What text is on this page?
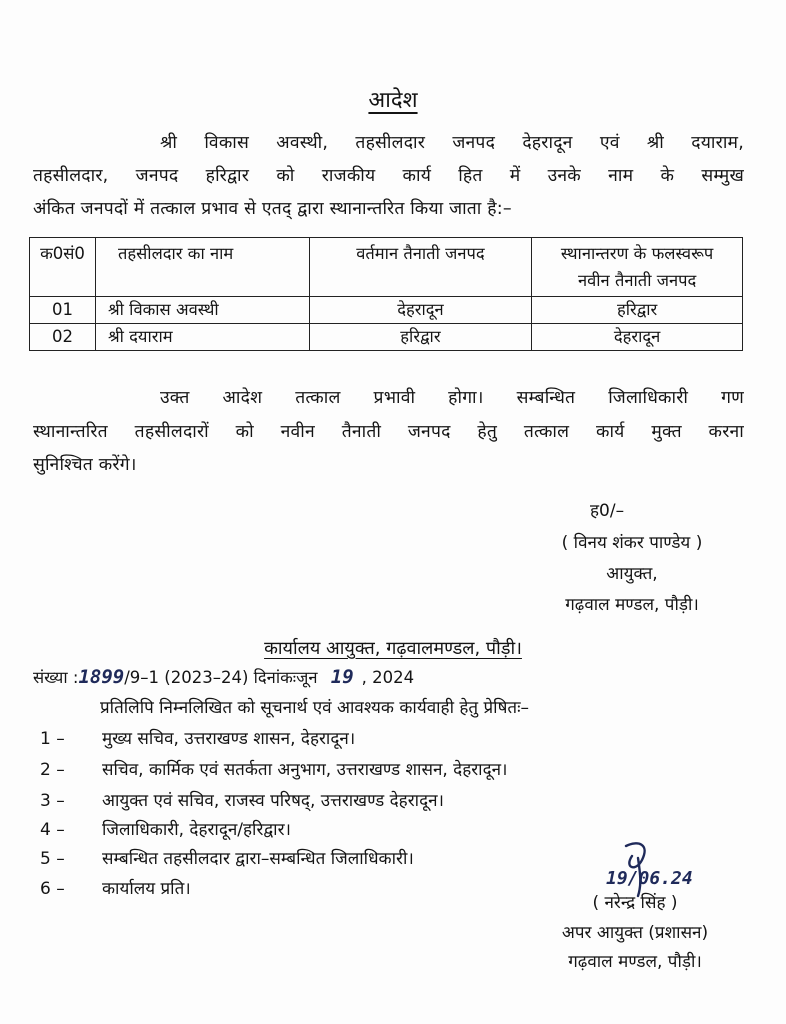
आदेश
श्री विकास अवस्थी, तहसीलदार जनपद देहरादून एवं श्री दयाराम,
तहसीलदार, जनपद हरिद्वार को राजकीय कार्य हित में उनके नाम के सम्मुख
अंकित जनपदों में तत्काल प्रभाव से एतद् द्वारा स्थानान्तरित किया जाता है:–
क0सं0	तहसीलदार का नाम	वर्तमान तैनाती जनपद	स्थानान्तरण के फलस्वरूप नवीन तैनाती जनपद
01	श्री विकास अवस्थी	देहरादून	हरिद्वार
02	श्री दयाराम	हरिद्वार	देहरादून
उक्त आदेश तत्काल प्रभावी होगा। सम्बन्धित जिलाधिकारी गण
स्थानान्तरित तहसीलदारों को नवीन तैनाती जनपद हेतु तत्काल कार्य मुक्त करना
सुनिश्चित करेंगे।
ह0/–
( विनय शंकर पाण्डेय )
आयुक्त,
गढ़वाल मण्डल, पौड़ी।
कार्यालय आयुक्त, गढ़वालमण्डल, पौड़ी।
संख्या :1899/9–1 (2023–24) दिनांकःजून 19 , 2024
प्रतिलिपि निम्नलिखित को सूचनार्थ एवं आवश्यक कार्यवाही हेतु प्रेषितः–
1 – मुख्य सचिव, उत्तराखण्ड शासन, देहरादून।
2 – सचिव, कार्मिक एवं सतर्कता अनुभाग, उत्तराखण्ड शासन, देहरादून।
3 – आयुक्त एवं सचिव, राजस्व परिषद्, उत्तराखण्ड देहरादून।
4 – जिलाधिकारी, देहरादून/हरिद्वार।
5 – सम्बन्धित तहसीलदार द्वारा–सम्बन्धित जिलाधिकारी।
6 – कार्यालय प्रति।	19/06.24
( नरेन्द्र सिंह )
अपर आयुक्त (प्रशासन)
गढ़वाल मण्डल, पौड़ी।
